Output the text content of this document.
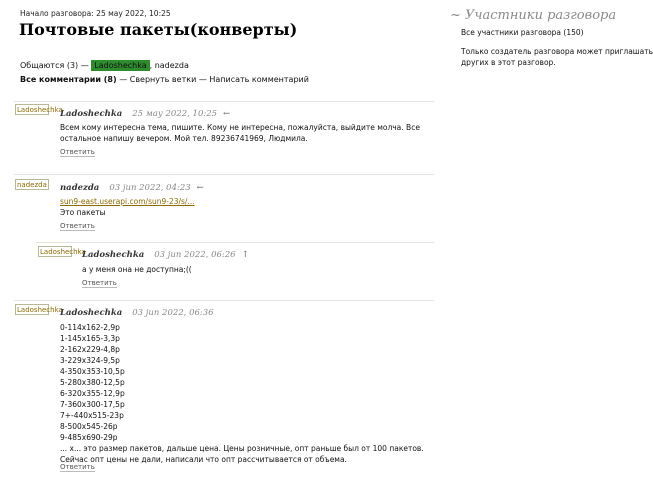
Начало разговора: 25 мау 2022, 10:25
Почтовые пакеты(конверты)
Общаются (3) — Ladoshechka , nadezda
Все комментарии (8) — Свернуть ветки — Написать комментарий
~ Участники разговора
Все участники разговора (150)
Только создатель разговора может приглашать
других в этот разговор.
Ladoshechka
Ladoshechka 25 мау 2022, 10:25 ←
Всем кому интересна тема, пишите. Кому не интересна, пожалуйста, выйдите молча. Все
остальное напишу вечером. Мой тел. 89236741969, Людмила.
Ответить
nadezda nadezda 03 jun 2022, 04:23 ←
sun9-east.userapi.com/sun9-23/s/...
Это пакеты
Ответить
Ladoshechka
Ladoshechka 03 jun 2022, 06:26 ↑
а у меня она не доступна;((
Ответить
Ladoshechka
Ladoshechka 03 jun 2022, 06:36
0-114x162-2,9р
1-145x165-3,3р
2-162x229-4,8р
3-229x324-9,5р
4-350x353-10,5р
5-280x380-12,5р
6-320x355-12,9р
7-360x300-17,5р
7+-440x515-23р
8-500x545-26р
9-485x690-29р
... х... это размер пакетов, дальше цена. Цены розничные, опт раньше был от 100 пакетов.
Сейчас опт цены не дали, написали что опт рассчитывается от объема.
Ответить
